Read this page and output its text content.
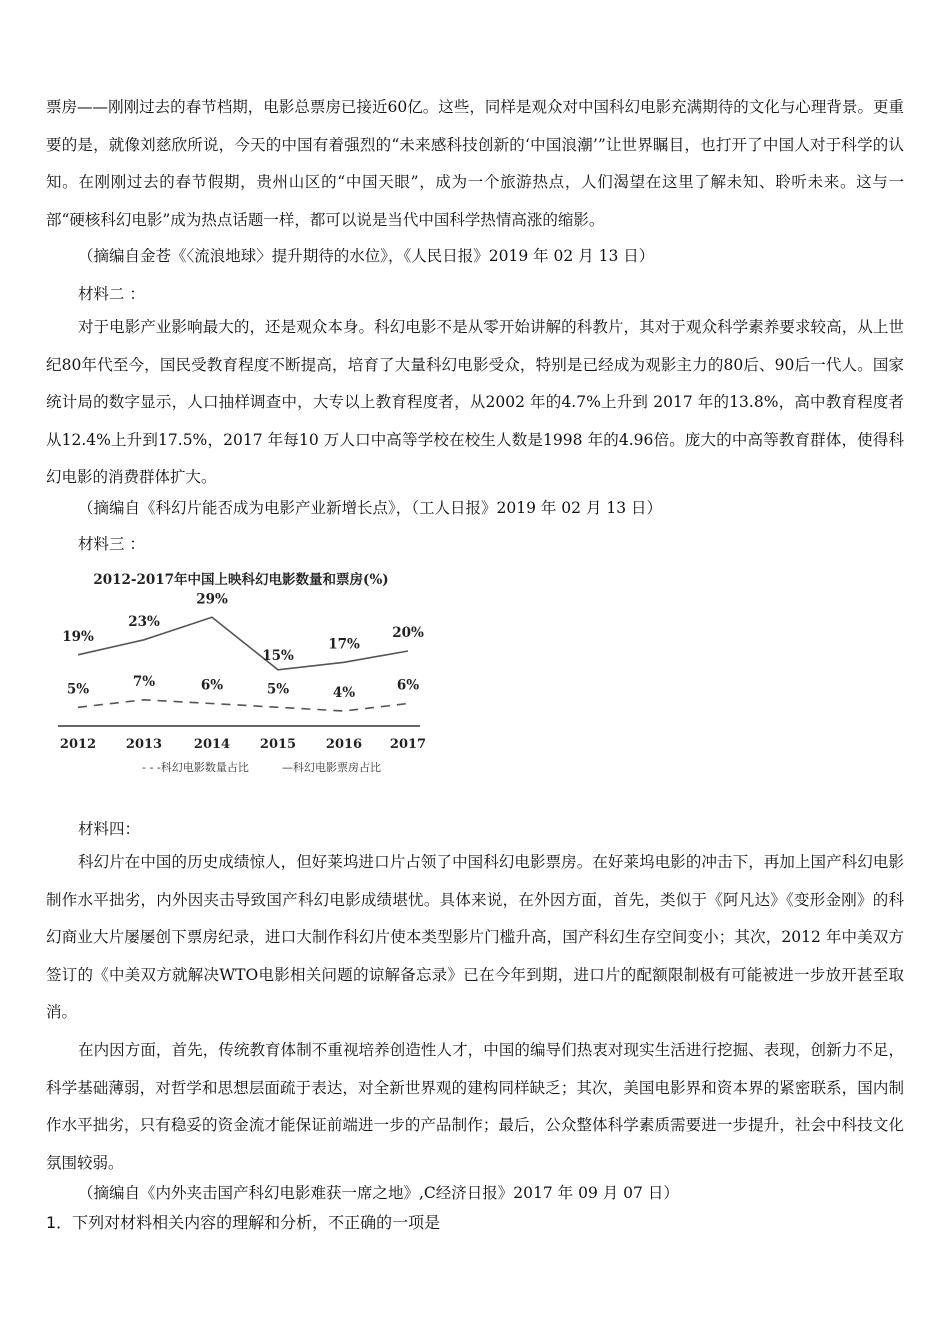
票房——刚刚过去的春节档期，电影总票房已接近60亿。这些，同样是观众对中国科幻电影充满期待的文化与心理背景。更重要的是，就像刘慈欣所说，今天的中国有着强烈的“未来感科技创新的‘中国浪潮’”让世界瞩目，也打开了中国人对于科学的认知。在刚刚过去的春节假期，贵州山区的“中国天眼”，成为一个旅游热点，人们渴望在这里了解未知、聆听未来。这与一部“硬核科幻电影”成为热点话题一样，都可以说是当代中国科学热情高涨的缩影。

（摘编自金苍《〈流浪地球〉提升期待的水位》，《人民日报》2019 年 02 月 13 日）
材料二 ：

对于电影产业影响最大的，还是观众本身。科幻电影不是从零开始讲解的科教片，其对于观众科学素养要求较高，从上世纪80年代至今，国民受教育程度不断提高，培育了大量科幻电影受众，特别是已经成为观影主力的80后、90后一代人。国家统计局的数字显示，人口抽样调查中，大专以上教育程度者，从2002 年的4.7%上升到 2017 年的13.8%，高中教育程度者从12.4%上升到17.5%，2017 年每10 万人口中高等学校在校生人数是1998 年的4.96倍。庞大的中高等教育群体，使得科幻电影的消费群体扩大。

（摘编自《科幻片能否成为电影产业新增长点》，（工人日报》2019 年 02 月 13 日）
材料三 ：
2012-2017年中国上映科幻电影数量和票房(%)
2012 2013 2014 2015 2016 2017
19%
23%
29%
15%
17%
20%
5%	7%	6%	5%	4%	6%
- - -科幻电影数量占比	—科幻电影票房占比
材料四：

科幻片在中国的历史成绩惊人，但好莱坞进口片占领了中国科幻电影票房。在好莱坞电影的冲击下，再加上国产科幻电影制作水平拙劣，内外因夹击导致国产科幻电影成绩堪忧。具体来说，在外因方面，首先，类似于《阿凡达》《变形金刚》的科幻商业大片屡屡创下票房纪录，进口大制作科幻片使本类型影片门槛升高，国产科幻生存空间变小；其次，2012 年中美双方签订的《中美双方就解决WTO电影相关问题的谅解备忘录》已在今年到期，进口片的配额限制极有可能被进一步放开甚至取消。

在内因方面，首先，传统教育体制不重视培养创造性人才，中国的编导们热衷对现实生活进行挖掘、表现，创新力不足，科学基础薄弱，对哲学和思想层面疏于表达，对全新世界观的建构同样缺乏；其次，美国电影界和资本界的紧密联系，国内制作水平拙劣，只有稳妥的资金流才能保证前端进一步的产品制作；最后，公众整体科学素质需要进一步提升，社会中科技文化氛围较弱。

（摘编自《内外夹击国产科幻电影难获一席之地》,C经济日报》2017 年 09 月 07 日）
1．下列对材料相关内容的理解和分析，不正确的一项是
